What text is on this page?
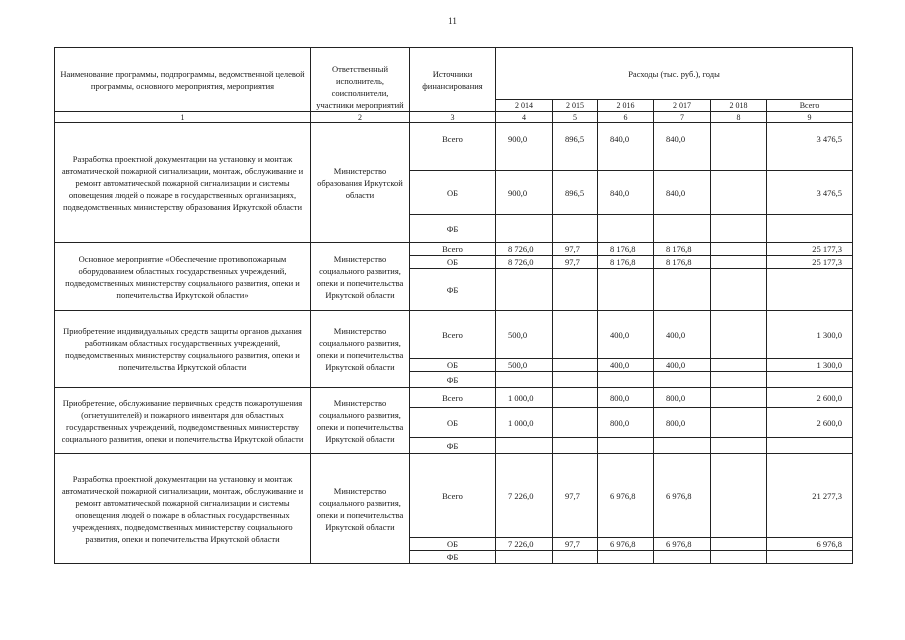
11
Наименование программы, подпрограммы, ведомственной целевой программы, основного мероприятия, мероприятия	Ответственный исполнитель, соисполнители, участники мероприятий	Источники финансирования	Расходы (тыс. руб.), годы					
			2 014	2 015	2 016	2 017	2 018	Всего
1	2	3	4	5	6	7	8	9
Разработка проектной документации на установку и монтаж автоматической пожарной сигнализации, монтаж, обслуживание и ремонт автоматической пожарной сигнализации и системы оповещения людей о пожаре в государственных организациях, подведомственных министерству образования Иркутской области	Министерство образования Иркутской области	Всего	900,0	896,5	840,0	840,0		3 476,5
		ОБ	900,0	896,5	840,0	840,0		3 476,5
		ФБ						
Основное мероприятие «Обеспечение противопожарным оборудованием областных государственных учреждений, подведомственных министерству социального развития, опеки и попечительства Иркутской области»	Министерство социального развития, опеки и попечительства Иркутской области	Всего	8 726,0	97,7	8 176,8	8 176,8		25 177,3
		ОБ	8 726,0	97,7	8 176,8	8 176,8		25 177,3
		ФБ						
Приобретение индивидуальных средств защиты органов дыхания работникам областных государственных учреждений, подведомственных министерству социального развития, опеки и попечительства Иркутской области	Министерство социального развития, опеки и попечительства Иркутской области	Всего	500,0		400,0	400,0		1 300,0
		ОБ	500,0		400,0	400,0		1 300,0
		ФБ						
Приобретение, обслуживание первичных средств пожаротушения (огнетушителей) и пожарного инвентаря для областных государственных учреждений, подведомственных министерству социального развития, опеки и попечительства Иркутской области	Министерство социального развития, опеки и попечительства Иркутской области	Всего	1 000,0		800,0	800,0		2 600,0
		ОБ	1 000,0		800,0	800,0		2 600,0
		ФБ						
Разработка проектной документации на установку и монтаж автоматической пожарной сигнализации, монтаж, обслуживание и ремонт автоматической пожарной сигнализации и системы оповещения людей о пожаре в областных государственных учреждениях, подведомственных министерству социального развития, опеки и попечительства Иркутской области	Министерство социального развития, опеки и попечительства Иркутской области	Всего	7 226,0	97,7	6 976,8	6 976,8		21 277,3
		ОБ	7 226,0	97,7	6 976,8	6 976,8		6 976,8
		ФБ						
